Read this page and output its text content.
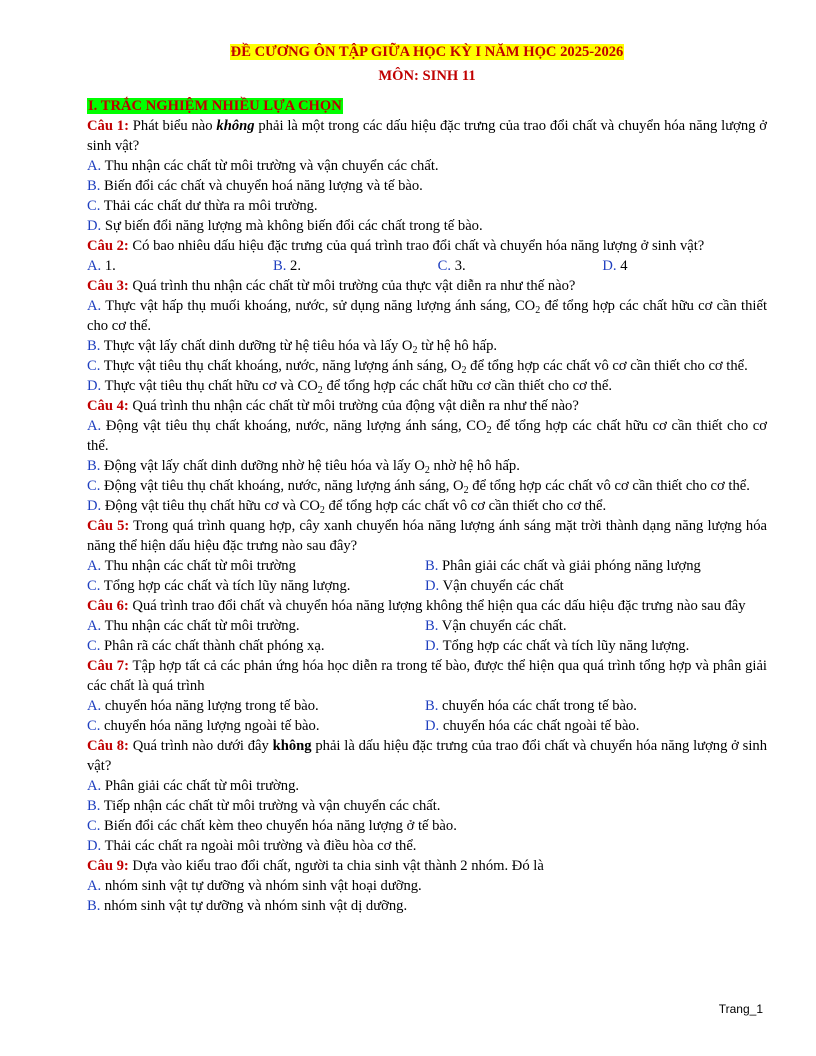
ĐỀ CƯƠNG ÔN TẬP GIỮA HỌC KỲ I NĂM HỌC 2025-2026
MÔN: SINH 11
I. TRẮC NGHIỆM NHIỀU LỰA CHỌN
Câu 1: Phát biểu nào không phải là một trong các dấu hiệu đặc trưng của trao đổi chất và chuyển hóa năng lượng ở sinh vật?
A. Thu nhận các chất từ môi trường và vận chuyển các chất.
B. Biến đổi các chất và chuyển hoá năng lượng và tế bào.
C. Thải các chất dư thừa ra môi trường.
D. Sự biến đổi năng lượng mà không biến đổi các chất trong tế bào.
Câu 2: Có bao nhiêu dấu hiệu đặc trưng của quá trình trao đổi chất và chuyển hóa năng lượng ở sinh vật?
A. 1.	B. 2.	C. 3.	D. 4
Câu 3: Quá trình thu nhận các chất từ môi trường của thực vật diễn ra như thế nào?
A. Thực vật hấp thụ muối khoáng, nước, sử dụng năng lượng ánh sáng, $CO_2$ để tổng hợp các chất hữu cơ cần thiết cho cơ thể.
B. Thực vật lấy chất dinh dưỡng từ hệ tiêu hóa và lấy $O_2$ từ hệ hô hấp.
C. Thực vật tiêu thụ chất khoáng, nước, năng lượng ánh sáng, $O_2$ để tổng hợp các chất vô cơ cần thiết cho cơ thể.
D. Thực vật tiêu thụ chất hữu cơ và $CO_2$ để tổng hợp các chất hữu cơ cần thiết cho cơ thể.
Câu 4: Quá trình thu nhận các chất từ môi trường của động vật diễn ra như thế nào?
A. Động vật tiêu thụ chất khoáng, nước, năng lượng ánh sáng, $CO_2$ để tổng hợp các chất hữu cơ cần thiết cho cơ thể.
B. Động vật lấy chất dinh dưỡng nhờ hệ tiêu hóa và lấy $O_2$ nhờ hệ hô hấp.
C. Động vật tiêu thụ chất khoáng, nước, năng lượng ánh sáng, $O_2$ để tổng hợp các chất vô cơ cần thiết cho cơ thể.
D. Động vật tiêu thụ chất hữu cơ và $CO_2$ để tổng hợp các chất vô cơ cần thiết cho cơ thể.
Câu 5: Trong quá trình quang hợp, cây xanh chuyển hóa năng lượng ánh sáng mặt trời thành dạng năng lượng hóa năng thể hiện dấu hiệu đặc trưng nào sau đây?
A. Thu nhận các chất từ môi trường	B. Phân giải các chất và giải phóng năng lượng
C. Tổng hợp các chất và tích lũy năng lượng.	D. Vận chuyển các chất
Câu 6: Quá trình trao đổi chất và chuyển hóa năng lượng không thể hiện qua các dấu hiệu đặc trưng nào sau đây
A. Thu nhận các chất từ môi trường.	B. Vận chuyển các chất.
C. Phân rã các chất thành chất phóng xạ.	D. Tổng hợp các chất và tích lũy năng lượng.
Câu 7: Tập hợp tất cả các phản ứng hóa học diễn ra trong tế bào, được thể hiện qua quá trình tổng hợp và phân giải các chất là quá trình
A. chuyển hóa năng lượng trong tế bào.	B. chuyển hóa các chất trong tế bào.
C. chuyển hóa năng lượng ngoài tế bào.	D. chuyển hóa các chất ngoài tế bào.
Câu 8: Quá trình nào dưới đây không phải là dấu hiệu đặc trưng của trao đổi chất và chuyển hóa năng lượng ở sinh vật?
A. Phân giải các chất từ môi trường.
B. Tiếp nhận các chất từ môi trường và vận chuyển các chất.
C. Biến đổi các chất kèm theo chuyển hóa năng lượng ở tế bào.
D. Thải các chất ra ngoài môi trường và điều hòa cơ thể.
Câu 9: Dựa vào kiểu trao đổi chất, người ta chia sinh vật thành 2 nhóm. Đó là
A. nhóm sinh vật tự dưỡng và nhóm sinh vật hoại dưỡng.
B. nhóm sinh vật tự dưỡng và nhóm sinh vật dị dưỡng.
Trang_1
